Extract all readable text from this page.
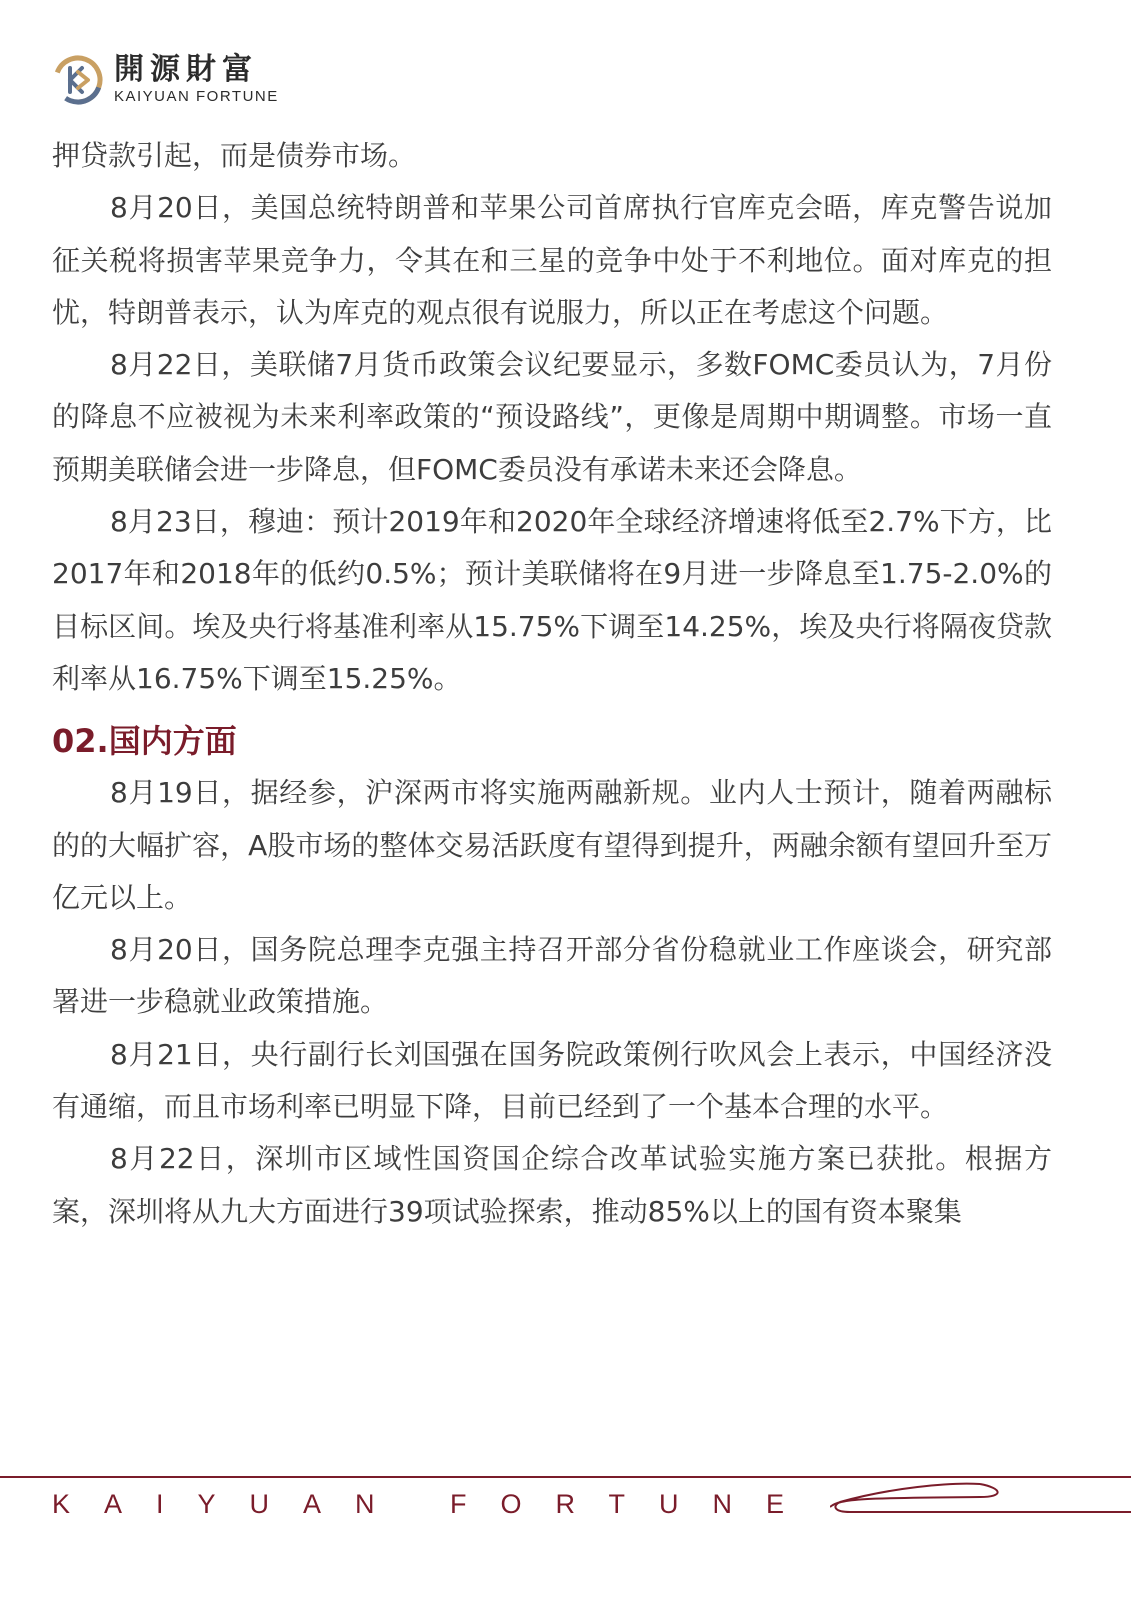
開源財富
KAIYUAN FORTUNE

押贷款引起，而是债券市场。

8月20日，美国总统特朗普和苹果公司首席执行官库克会晤，库克警告说加征关税将损害苹果竞争力，令其在和三星的竞争中处于不利地位。面对库克的担忧，特朗普表示，认为库克的观点很有说服力，所以正在考虑这个问题。

8月22日，美联储7月货币政策会议纪要显示，多数FOMC委员认为，7月份的降息不应被视为未来利率政策的“预设路线”，更像是周期中期调整。市场一直预期美联储会进一步降息，但FOMC委员没有承诺未来还会降息。

8月23日，穆迪：预计2019年和2020年全球经济增速将低至2.7%下方，比2017年和2018年的低约0.5%；预计美联储将在9月进一步降息至1.75-2.0%的目标区间。埃及央行将基准利率从15.75%下调至14.25%，埃及央行将隔夜贷款利率从16.75%下调至15.25%。

02.国内方面

8月19日，据经参，沪深两市将实施两融新规。业内人士预计，随着两融标的的大幅扩容，A股市场的整体交易活跃度有望得到提升，两融余额有望回升至万亿元以上。

8月20日，国务院总理李克强主持召开部分省份稳就业工作座谈会，研究部署进一步稳就业政策措施。

8月21日，央行副行长刘国强在国务院政策例行吹风会上表示，中国经济没有通缩，而且市场利率已明显下降，目前已经到了一个基本合理的水平。

8月22日，深圳市区域性国资国企综合改革试验实施方案已获批。根据方案，深圳将从九大方面进行39项试验探索，推动85%以上的国有资本聚集

KAIYUAN FORTUNE
